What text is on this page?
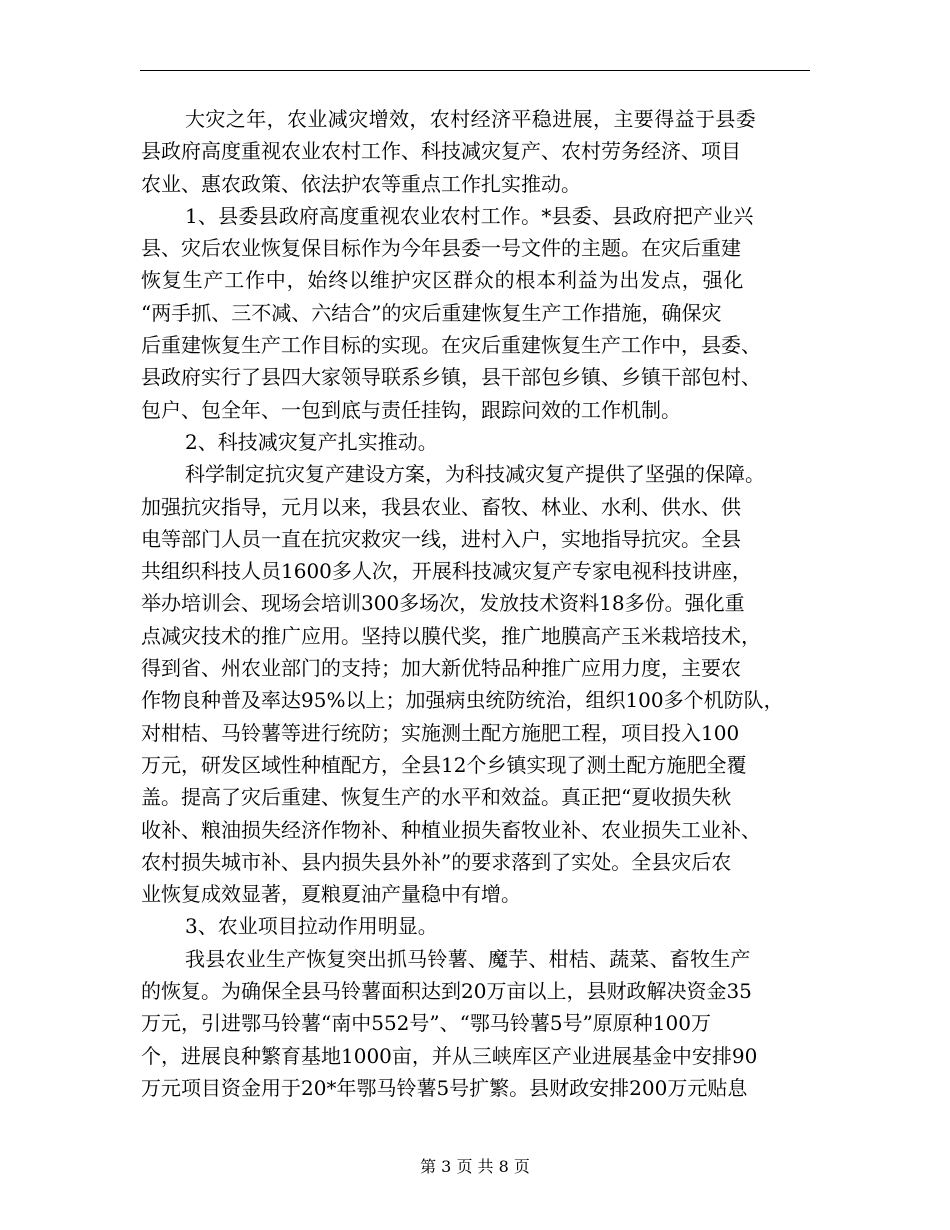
大灾之年，农业减灾增效，农村经济平稳进展，主要得益于县委
县政府高度重视农业农村工作、科技减灾复产、农村劳务经济、项目
农业、惠农政策、依法护农等重点工作扎实推动。
1、县委县政府高度重视农业农村工作。*县委、县政府把产业兴
县、灾后农业恢复保目标作为今年县委一号文件的主题。在灾后重建
恢复生产工作中，始终以维护灾区群众的根本利益为出发点，强化
“两手抓、三不减、六结合”的灾后重建恢复生产工作措施，确保灾
后重建恢复生产工作目标的实现。在灾后重建恢复生产工作中，县委、
县政府实行了县四大家领导联系乡镇，县干部包乡镇、乡镇干部包村、
包户、包全年、一包到底与责任挂钩，跟踪问效的工作机制。
2、科技减灾复产扎实推动。
科学制定抗灾复产建设方案，为科技减灾复产提供了坚强的保障。
加强抗灾指导，元月以来，我县农业、畜牧、林业、水利、供水、供
电等部门人员一直在抗灾救灾一线，进村入户，实地指导抗灾。全县
共组织科技人员1600多人次，开展科技减灾复产专家电视科技讲座，
举办培训会、现场会培训300多场次，发放技术资料18多份。强化重
点减灾技术的推广应用。坚持以膜代奖，推广地膜高产玉米栽培技术，
得到省、州农业部门的支持；加大新优特品种推广应用力度，主要农
作物良种普及率达95%以上；加强病虫统防统治，组织100多个机防队，
对柑桔、马铃薯等进行统防；实施测土配方施肥工程，项目投入100
万元，研发区域性种植配方，全县12个乡镇实现了测土配方施肥全覆
盖。提高了灾后重建、恢复生产的水平和效益。真正把“夏收损失秋
收补、粮油损失经济作物补、种植业损失畜牧业补、农业损失工业补、
农村损失城市补、县内损失县外补”的要求落到了实处。全县灾后农
业恢复成效显著，夏粮夏油产量稳中有增。
3、农业项目拉动作用明显。
我县农业生产恢复突出抓马铃薯、魔芋、柑桔、蔬菜、畜牧生产
的恢复。为确保全县马铃薯面积达到20万亩以上，县财政解决资金35
万元，引进鄂马铃薯“南中552号”、“鄂马铃薯5号”原原种100万
个，进展良种繁育基地1000亩，并从三峡库区产业进展基金中安排90
万元项目资金用于20*年鄂马铃薯5号扩繁。县财政安排200万元贴息
第 3 页 共 8 页
